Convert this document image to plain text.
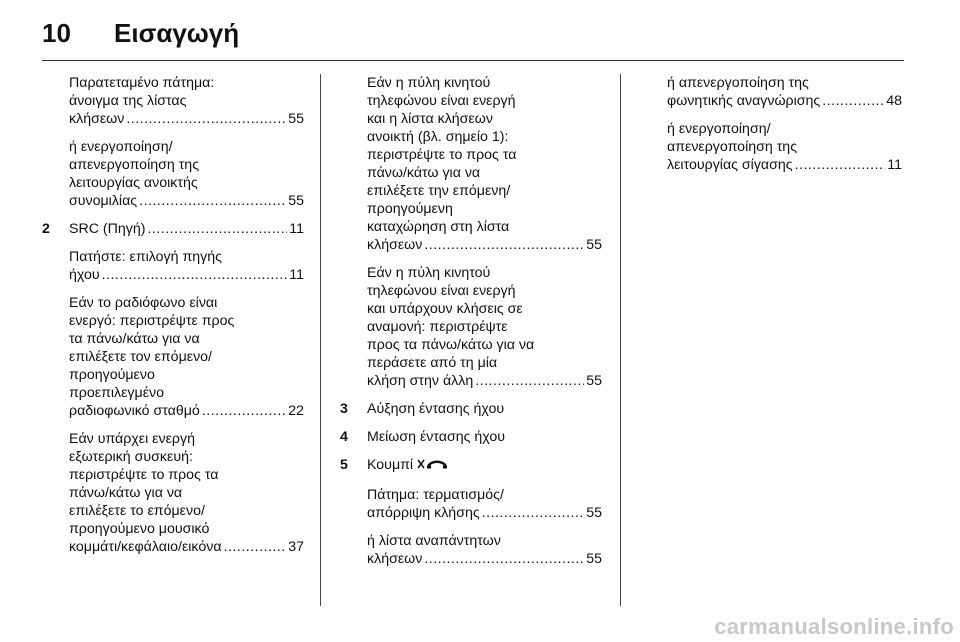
10 Εισαγωγή
Παρατεταμένο πάτημα:
άνοιγμα της λίστας
κλήσεων .....	55
ή ενεργοποίηση/
απενεργοποίηση της
λειτουργίας ανοικτής
συνομιλίας .....	55
2 SRC (Πηγή) .....	11
Πατήστε: επιλογή πηγής
ήχου .....	11
Εάν το ραδιόφωνο είναι
ενεργό: περιστρέψτε προς
τα πάνω/κάτω για να
επιλέξετε τον επόμενο/
προηγούμενο
προεπιλεγμένο
ραδιοφωνικό σταθμό .....	22
Εάν υπάρχει ενεργή
εξωτερική συσκευή:
περιστρέψτε το προς τα
πάνω/κάτω για να
επιλέξετε το επόμενο/
προηγούμενο μουσικό
κομμάτι/κεφάλαιο/εικόνα .....	37
Εάν η πύλη κινητού
τηλεφώνου είναι ενεργή
και η λίστα κλήσεων
ανοικτή (βλ. σημείο 1):
περιστρέψτε το προς τα
πάνω/κάτω για να
επιλέξετε την επόμενη/
προηγούμενη
καταχώρηση στη λίστα
κλήσεων .....	55
Εάν η πύλη κινητού
τηλεφώνου είναι ενεργή
και υπάρχουν κλήσεις σε
αναμονή: περιστρέψτε
προς τα πάνω/κάτω για να
περάσετε από τη μία
κλήση στην άλλη .....	55
3 Αύξηση έντασης ήχου
4 Μείωση έντασης ήχου
5 Κουμπί
Πάτημα: τερματισμός/
απόρριψη κλήσης .....	55
ή λίστα αναπάντητων
κλήσεων .....	55
ή απενεργοποίηση της
φωνητικής αναγνώρισης .....	48
ή ενεργοποίηση/
απενεργοποίηση της
λειτουργίας σίγασης .....	11
carmanualsonline.info
